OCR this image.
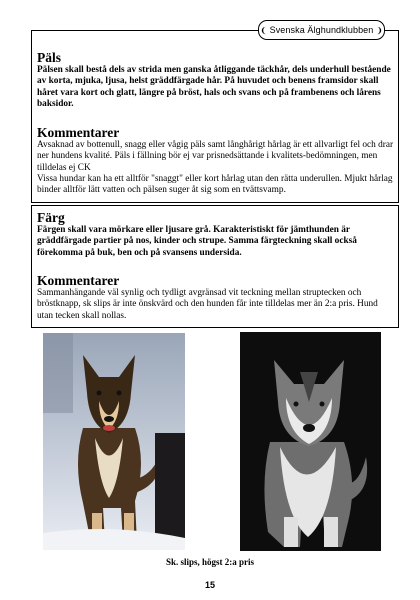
❨ Svenska Älghundklubben ❩
Päls

Pälsen skall bestå dels av strida men ganska åtliggande täckhår, dels underhull bestående av korta, mjuka, ljusa, helst gräddfärgade hår. På huvudet och benens framsidor skall håret vara kort och glatt, längre på bröst, hals och svans och på frambenens och lårens baksidor.

Kommentarer

Avsaknad av bottenull, snagg eller vågig päls samt långhårigt hårlag är ett allvarligt fel och drar ner hundens kvalité. Päls i fällning bör ej var prisnedsättande i kvalitets-bedömningen, men tilldelas ej CK

Vissa hundar kan ha ett alltför "snaggt" eller kort hårlag utan den rätta underullen. Mjukt hårlag binder alltför lätt vatten och pälsen suger åt sig som en tvättsvamp.

Färg

Färgen skall vara mörkare eller ljusare grå. Karakteristiskt för jämthunden är gräddfärgade partier på nos, kinder och strupe. Samma färgteckning skall också förekomma på buk, ben och på svansens undersida.

Kommentarer

Sammanhängande väl synlig och tydligt avgränsad vit teckning mellan struptecken och bröstknapp, sk slips är inte önskvärd och den hunden får inte tilldelas mer än 2:a pris. Hund utan tecken skall nollas.

Sk. slips, högst 2:a pris
15
